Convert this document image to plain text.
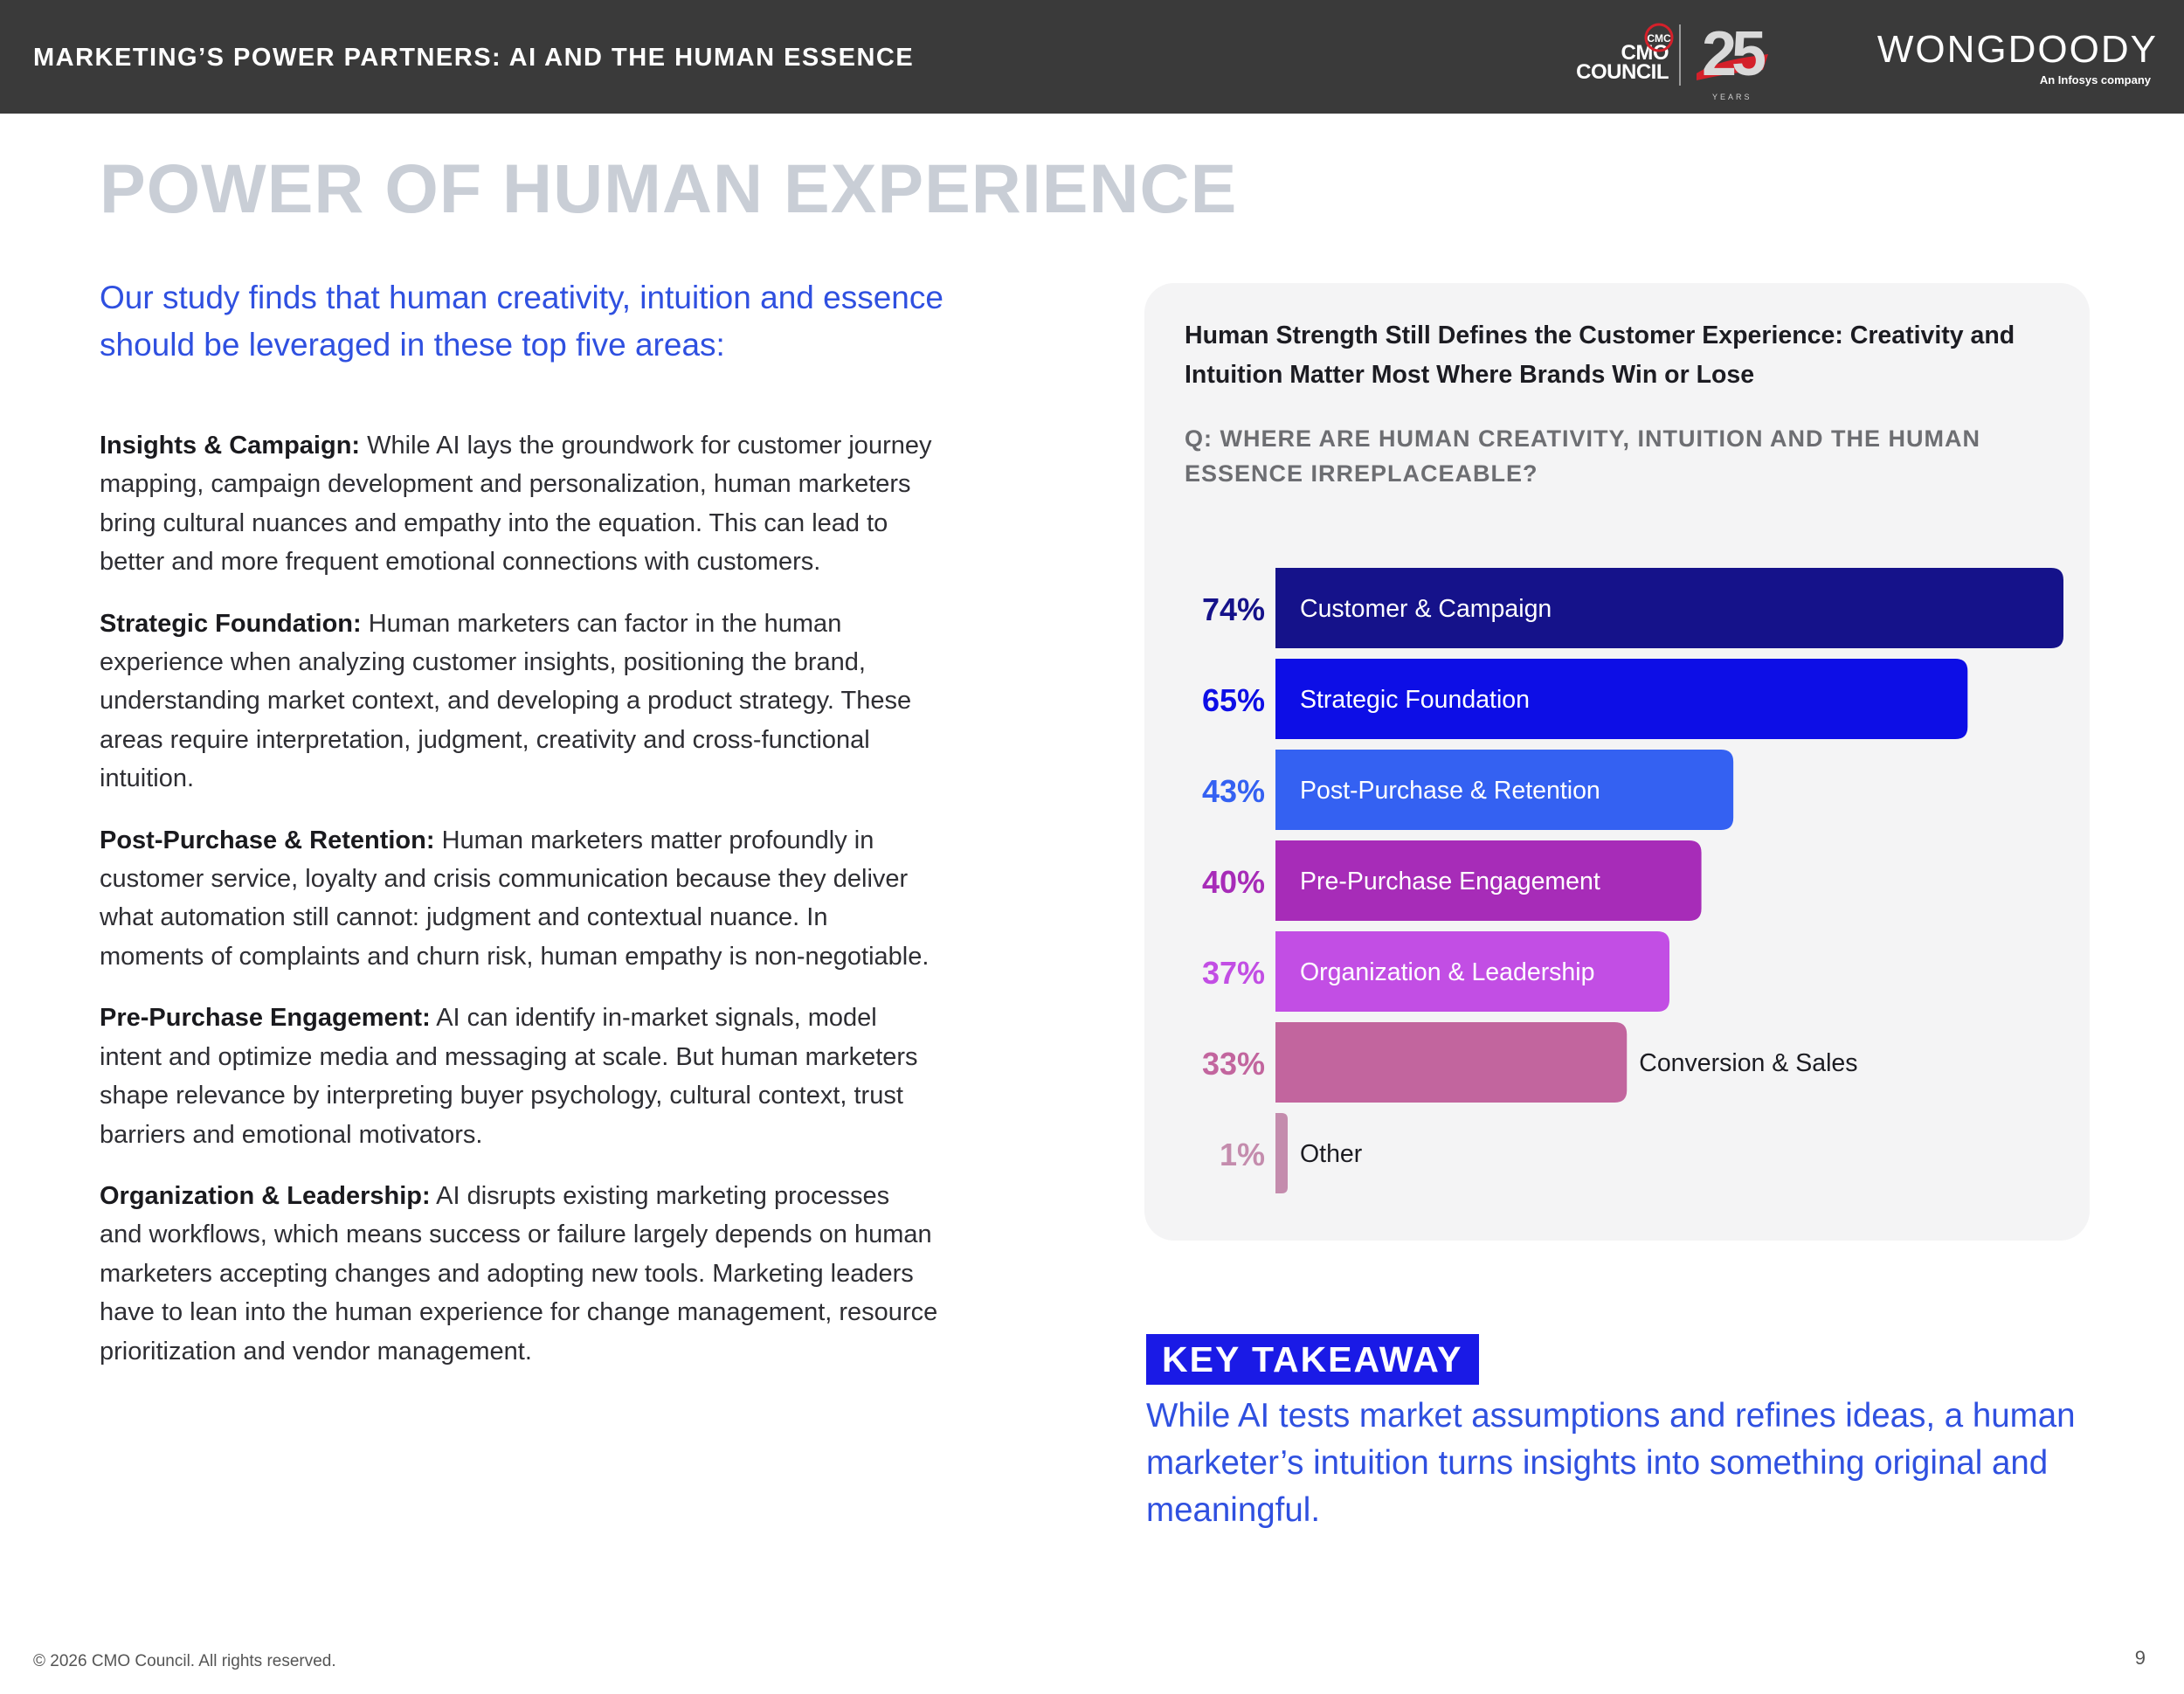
MARKETING’S POWER PARTNERS: AI AND THE HUMAN ESSENCE	CMO
COUNCIL
CMC 25
YEARS
WONGDOODY
An Infosys company
POWER OF HUMAN EXPERIENCE
Our study finds that human creativity, intuition and essence should be leveraged in these top five areas:

Insights & Campaign: While AI lays the groundwork for customer journey mapping, campaign development and personalization, human marketers bring cultural nuances and empathy into the equation. This can lead to better and more frequent emotional connections with customers.

Strategic Foundation: Human marketers can factor in the human experience when analyzing customer insights, positioning the brand, understanding market context, and developing a product strategy. These areas require interpretation, judgment, creativity and cross-functional intuition.

Post-Purchase & Retention: Human marketers matter profoundly in customer service, loyalty and crisis communication because they deliver what automation still cannot: judgment and contextual nuance. In moments of complaints and churn risk, human empathy is non-negotiable.

Pre-Purchase Engagement: AI can identify in-market signals, model intent and optimize media and messaging at scale. But human marketers shape relevance by interpreting buyer psychology, cultural context, trust barriers and emotional motivators.

Organization & Leadership: AI disrupts existing marketing processes and workflows, which means success or failure largely depends on human marketers accepting changes and adopting new tools. Marketing leaders have to lean into the human experience for change management, resource prioritization and vendor management.

Human Strength Still Defines the Customer Experience: Creativity and Intuition Matter Most Where Brands Win or Lose
Q: WHERE ARE HUMAN CREATIVITY, INTUITION AND THE HUMAN ESSENCE IRREPLACEABLE?
74% Customer & Campaign
65% Strategic Foundation
43% Post-Purchase & Retention
40% Pre-Purchase Engagement
37% Organization & Leadership
33%	Conversion & Sales
1% Other
KEY TAKEAWAY
While AI tests market assumptions and refines ideas, a human marketer’s intuition turns insights into something original and meaningful.
© 2026 CMO Council. All rights reserved.	9
